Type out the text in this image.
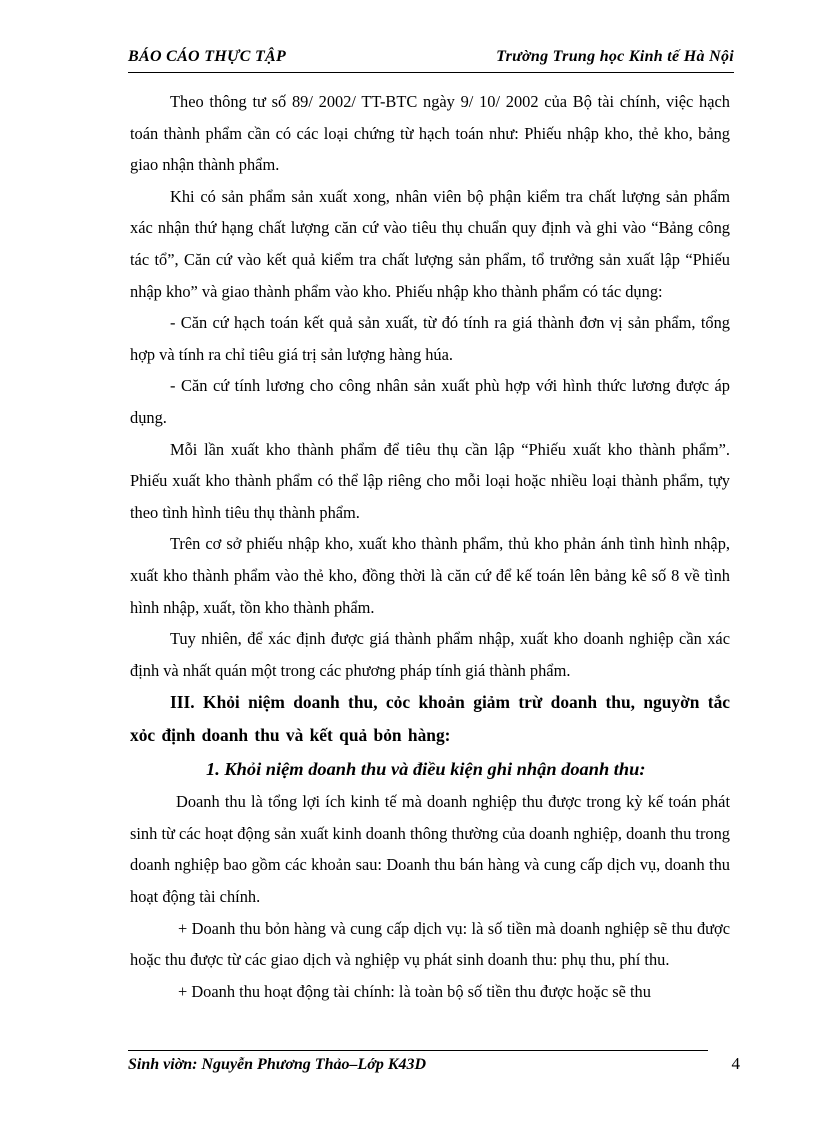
BÁO CÁO THỰC TẬP	Trường Trung học Kinh tế Hà Nội

Theo thông tư số 89/ 2002/ TT-BTC ngày 9/ 10/ 2002 của Bộ tài chính, việc hạch toán thành phẩm cần có các loại chứng từ hạch toán như: Phiếu nhập kho, thẻ kho, bảng giao nhận thành phẩm.

Khi có sản phẩm sản xuất xong, nhân viên bộ phận kiểm tra chất lượng sản phẩm xác nhận thứ hạng chất lượng căn cứ vào tiêu thụ chuẩn quy định và ghi vào “Bảng công tác tổ”, Căn cứ vào kết quả kiểm tra chất lượng sản phẩm, tổ trưởng sản xuất lập “Phiếu nhập kho” và giao thành phẩm vào kho. Phiếu nhập kho thành phẩm có tác dụng:

- Căn cứ hạch toán kết quả sản xuất, từ đó tính ra giá thành đơn vị sản phẩm, tổng hợp và tính ra chỉ tiêu giá trị sản lượng hàng húa.

- Căn cứ tính lương cho công nhân sản xuất phù hợp với hình thức lương được áp dụng.

Mỗi lần xuất kho thành phẩm để tiêu thụ cần lập “Phiếu xuất kho thành phẩm”. Phiếu xuất kho thành phẩm có thể lập riêng cho mỗi loại hoặc nhiều loại thành phẩm, tựy theo tình hình tiêu thụ thành phẩm.

Trên cơ sở phiếu nhập kho, xuất kho thành phẩm, thủ kho phản ánh tình hình nhập, xuất kho thành phẩm vào thẻ kho, đồng thời là căn cứ để kế toán lên bảng kê số 8 về tình hình nhập, xuất, tồn kho thành phẩm.

Tuy nhiên, để xác định được giá thành phẩm nhập, xuất kho doanh nghiệp cần xác định và nhất quán một trong các phương pháp tính giá thành phẩm.

III. Khỏi niệm doanh thu, cỏc khoản giảm trừ doanh thu, nguyờn tắc xỏc định doanh thu và kết quả bỏn hàng:

1. Khỏi niệm doanh thu và điều kiện ghi nhận doanh thu:

Doanh thu là tổng lợi ích kinh tế mà doanh nghiệp thu được trong kỳ kế toán phát sinh từ các hoạt động sản xuất kinh doanh thông thường của doanh nghiệp, doanh thu trong doanh nghiệp bao gồm các khoản sau: Doanh thu bán hàng và cung cấp dịch vụ, doanh thu hoạt động tài chính.

+ Doanh thu bỏn hàng và cung cấp dịch vụ: là số tiền mà doanh nghiệp sẽ thu được hoặc thu được từ các giao dịch và nghiệp vụ phát sinh doanh thu: phụ thu, phí thu.

+ Doanh thu hoạt động tài chính: là toàn bộ số tiền thu được hoặc sẽ thu

Sinh viờn: Nguyễn Phương Thảo–Lớp K43D	4
